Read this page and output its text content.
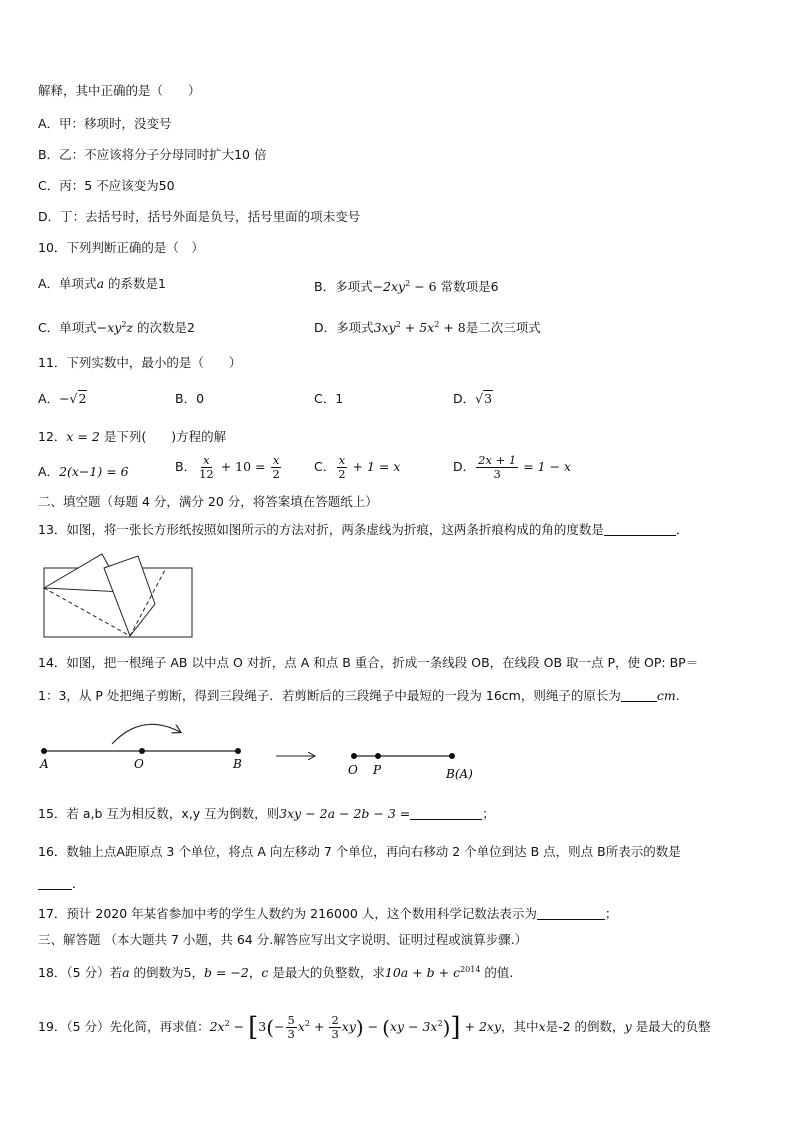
解释，其中正确的是（　　）
A．甲：移项时，没变号
B．乙：不应该将分子分母同时扩大10 倍
C．丙：5 不应该变为50
D．丁：去括号时，括号外面是负号，括号里面的项未变号
10．下列判断正确的是（　）
A．单项式a 的系数是1	B．多项式$-2xy^2 - 6$ 常数项是6
C．单项式$-xy^2z$ 的次数是2	D．多项式$3xy^2 + 5x^2 + 8$是二次三项式
11．下列实数中，最小的是（　　）
A．−√2	B．0	C．1	D．√3
12．x = 2 是下列(　　)方程的解
A．2(x−1) = 6	B． $\frac{x}{12} + 10 = \frac{x}{2}$	C． $\frac{x}{2} + 1 = x$	D． $\frac{2x + 1}{3} = 1 - x$
二、填空题（每题 4 分，满分 20 分，将答案填在答题纸上）
13．如图，将一张长方形纸按照如图所示的方法对折，两条虚线为折痕，这两条折痕构成的角的度数是	．
14．如图，把一根绳子 AB 以中点 O 对折，点 A 和点 B 重合，折成一条线段 OB，在线段 OB 取一点 P，使 OP: BP＝
1：3，从 P 处把绳子剪断，得到三段绳子．若剪断后的三段绳子中最短的一段为 16cm，则绳子的原长为	cm.
A	O	B	O P	B(A)
15．若 a,b 互为相反数，x,y 互为倒数，则3xy − 2a − 2b − 3 =	；
16．数轴上点A距原点 3 个单位，将点 A 向左移动 7 个单位，再向右移动 2 个单位到达 B 点，则点 B所表示的数是
．
17．预计 2020 年某省参加中考的学生人数约为 216000 人，这个数用科学记数法表示为	；
三、解答题 （本大题共 7 小题，共 64 分.解答应写出文字说明、证明过程或演算步骤.）
18．（5 分）若a 的倒数为5，b = −2，c 是最大的负整数，求$10a + b + c^{2014}$ 的值.
19．（5 分）先化简，再求值：$2x^2 - [3(- \frac{5}{3} x^2 + \frac{2}{3} xy) - (xy - 3x^2)] + 2xy$，其中x是-2 的倒数，y 是最大的负整
